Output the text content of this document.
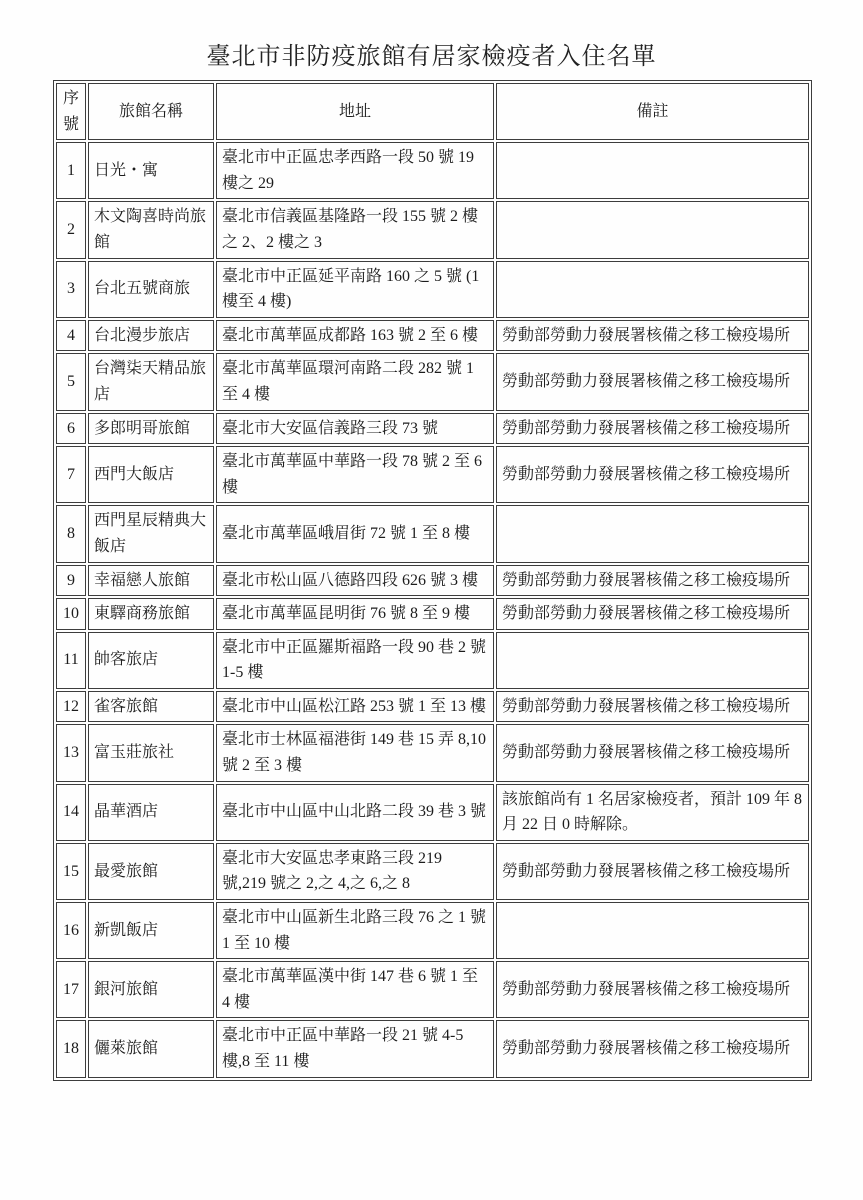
臺北市非防疫旅館有居家檢疫者入住名單
序號	旅館名稱	地址	備註
1	日光・寓	臺北市中正區忠孝西路一段 50 號 19 樓之 29	
2	木文陶喜時尚旅館	臺北市信義區基隆路一段 155 號 2 樓之 2、2 樓之 3	
3	台北五號商旅	臺北市中正區延平南路 160 之 5 號 (1 樓至 4 樓)	
4	台北漫步旅店	臺北市萬華區成都路 163 號 2 至 6 樓	勞動部勞動力發展署核備之移工檢疫場所
5	台灣柒天精品旅店	臺北市萬華區環河南路二段 282 號 1 至 4 樓	勞動部勞動力發展署核備之移工檢疫場所
6	多郎明哥旅館	臺北市大安區信義路三段 73 號	勞動部勞動力發展署核備之移工檢疫場所
7	西門大飯店	臺北市萬華區中華路一段 78 號 2 至 6 樓	勞動部勞動力發展署核備之移工檢疫場所
8	西門星辰精典大飯店	臺北市萬華區峨眉街 72 號 1 至 8 樓	
9	幸福戀人旅館	臺北市松山區八德路四段 626 號 3 樓	勞動部勞動力發展署核備之移工檢疫場所
10	東驛商務旅館	臺北市萬華區昆明街 76 號 8 至 9 樓	勞動部勞動力發展署核備之移工檢疫場所
11	帥客旅店	臺北市中正區羅斯福路一段 90 巷 2 號 1-5 樓	
12	雀客旅館	臺北市中山區松江路 253 號 1 至 13 樓	勞動部勞動力發展署核備之移工檢疫場所
13	富玉莊旅社	臺北市士林區福港街 149 巷 15 弄 8,10 號 2 至 3 樓	勞動部勞動力發展署核備之移工檢疫場所
14	晶華酒店	臺北市中山區中山北路二段 39 巷 3 號	該旅館尚有 1 名居家檢疫者，預計 109 年 8 月 22 日 0 時解除。
15	最愛旅館	臺北市大安區忠孝東路三段 219 號,219 號之 2,之 4,之 6,之 8	勞動部勞動力發展署核備之移工檢疫場所
16	新凱飯店	臺北市中山區新生北路三段 76 之 1 號 1 至 10 樓	
17	銀河旅館	臺北市萬華區漢中街 147 巷 6 號 1 至 4 樓	勞動部勞動力發展署核備之移工檢疫場所
18	儷萊旅館	臺北市中正區中華路一段 21 號 4-5 樓,8 至 11 樓	勞動部勞動力發展署核備之移工檢疫場所
